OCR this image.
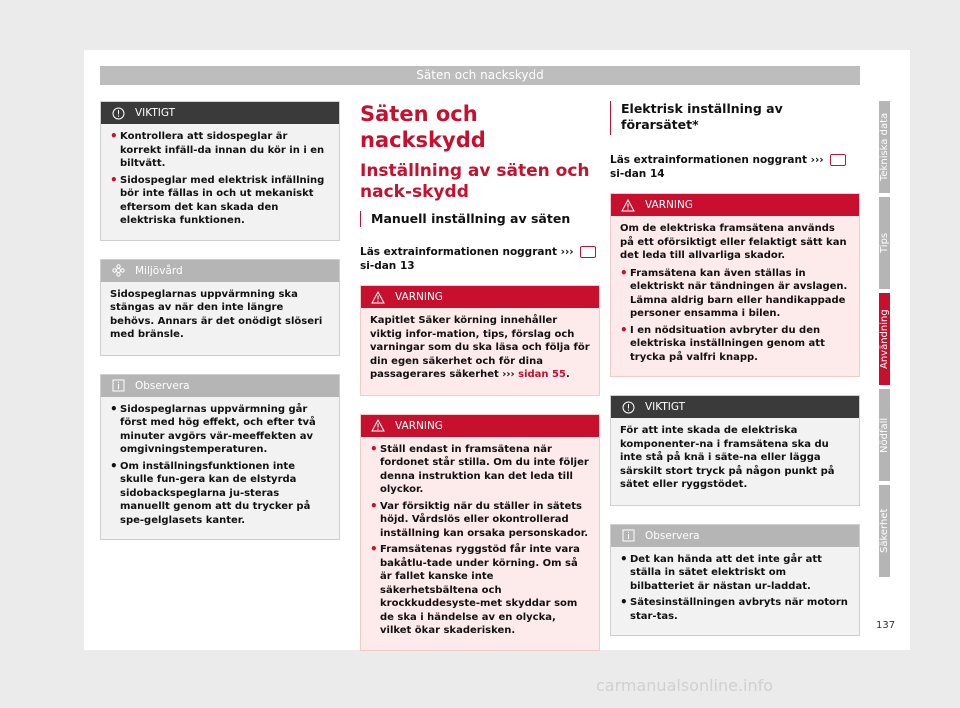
Säten och nackskydd
VIKTIGT
• Kontrollera att sidospeglar är korrekt infäll-da innan du kör in i en biltvätt.
• Sidospeglar med elektrisk infällning bör inte fällas in och ut mekaniskt eftersom det kan skada den elektriska funktionen.
Miljövård

Sidospeglarnas uppvärmning ska stängas av när den inte längre behövs. Annars är det onödigt slöseri med bränsle.

Observera
• Sidospeglarnas uppvärmning går först med hög effekt, och efter två minuter avgörs vär-meeffekten av omgivningstemperaturen.
• Om inställningsfunktionen inte skulle fun-gera kan de elstyrda sidobackspeglarna ju-steras manuellt genom att du trycker på spe-gelglasets kanter.
Säten och nackskydd
Inställning av säten och nack-skydd
Manuell inställning av säten

Läs extrainformationen noggrant ›››  si-dan 13

VARNING

Kapitlet Säker körning innehåller viktig infor-mation, tips, förslag och varningar som du ska läsa och följa för din egen säkerhet och för dina passagerares säkerhet ››› sidan 55.

VARNING
• Ställ endast in framsätena när fordonet står stilla. Om du inte följer denna instruktion kan det leda till olyckor.
• Var försiktig när du ställer in sätets höjd. Vårdslös eller okontrollerad inställning kan orsaka personskador.
• Framsätenas ryggstöd får inte vara bakåtlu-tade under körning. Om så är fallet kanske inte säkerhetsbältena och krockkuddesyste-met skyddar som de ska i händelse av en olycka, vilket ökar skaderisken.
Elektrisk inställning av förarsätet*

Läs extrainformationen noggrant ›››  si-dan 14

VARNING

Om de elektriska framsätena används på ett oförsiktigt eller felaktigt sätt kan det leda till allvarliga skador.

• Framsätena kan även ställas in elektriskt när tändningen är avslagen. Lämna aldrig barn eller handikappade personer ensamma i bilen.
• I en nödsituation avbryter du den elektriska inställningen genom att trycka på valfri knapp.
VIKTIGT

För att inte skada de elektriska komponenter-na i framsätena ska du inte stå på knä i säte-na eller lägga särskilt stort tryck på någon punkt på sätet eller ryggstödet.

Observera
• Det kan hända att det inte går att ställa in sätet elektriskt om bilbatteriet är nästan ur-laddat.
• Sätesinställningen avbryts när motorn star-tas.
Tekniska data
Tips
Användning
Nödfall
Säkerhet
137
carmanualsonline.info
